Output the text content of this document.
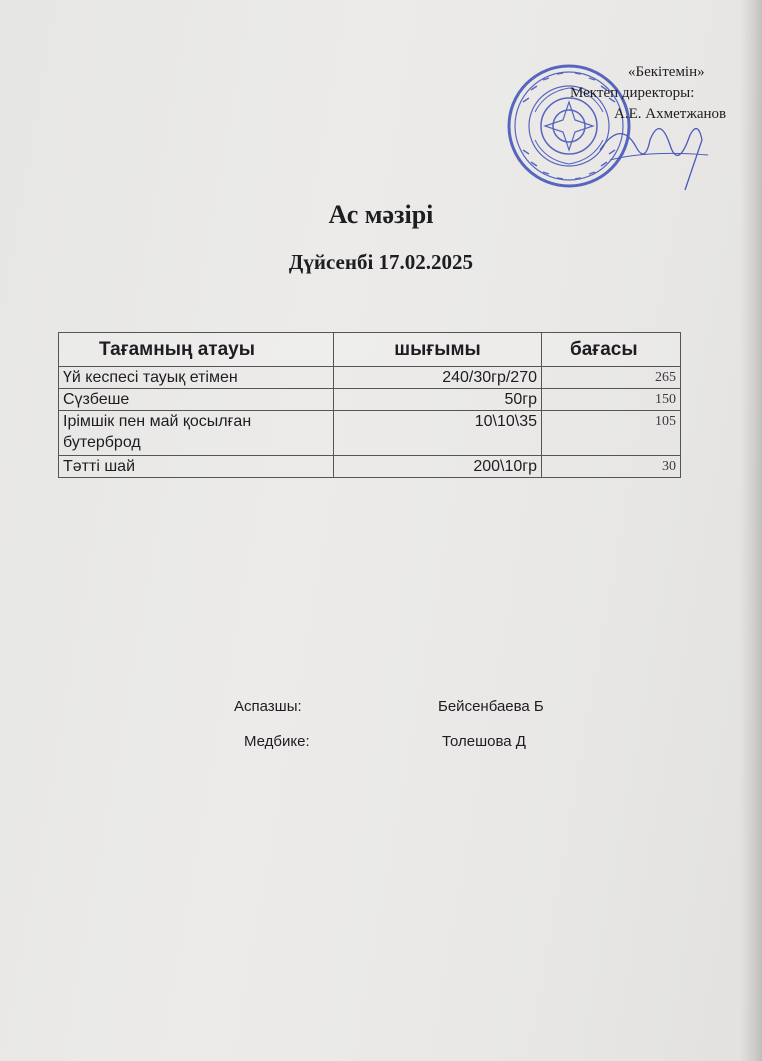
«Бекітемін»
Мектеп директоры:
А.Е. Ахметжанов
Ас мәзірі
Дүйсенбі 17.02.2025
Тағамның атауы	шығымы	бағасы
Үй кеспесі тауық етімен	240/30гр/270	265
Сүзбеше	50гр	150
Ірімшік пен май қосылған бутерброд	10\10\35	105
Тәтті шай	200\10гр	30
Аспазшы:	Бейсенбаева Б
Медбике:	Толешова Д
